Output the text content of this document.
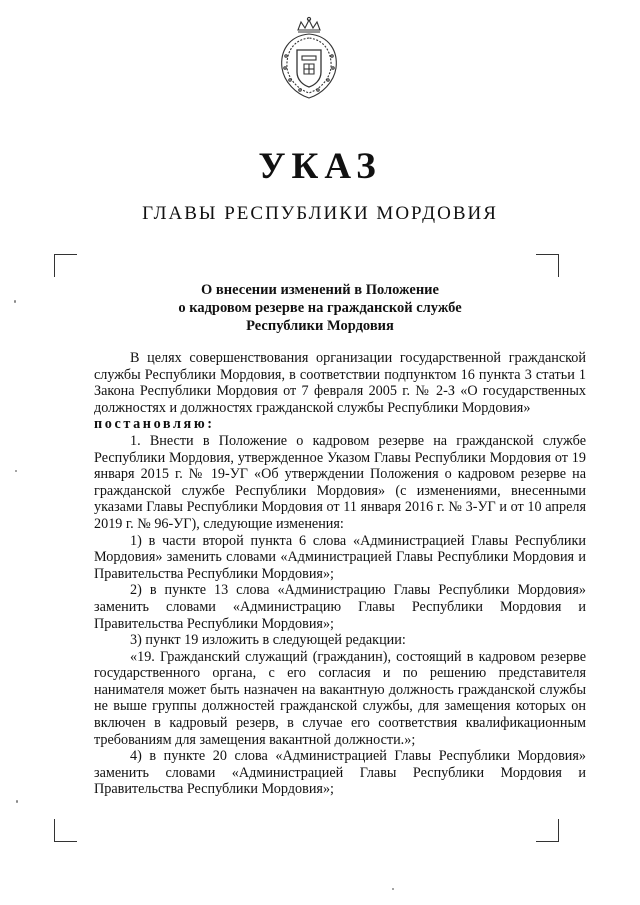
УКАЗ
ГЛАВЫ РЕСПУБЛИКИ МОРДОВИЯ
О внесении изменений в Положение
о кадровом резерве на гражданской службе
Республики Мордовия

В целях совершенствования организации государственной гражданской службы Республики Мордовия, в соответствии подпунктом 16 пункта 3 статьи 1 Закона Республики Мордовия от 7 февраля 2005 г. № 2-З «О государственных должностях и должностях гражданской службы Республики Мордовия»

постановляю:

1. Внести в Положение о кадровом резерве на гражданской службе Республики Мордовия, утвержденное Указом Главы Республики Мордовия от 19 января 2015 г. № 19-УГ «Об утверждении Положения о кадровом резерве на гражданской службе Республики Мордовия» (с изменениями, внесенными указами Главы Республики Мордовия от 11 января 2016 г. № 3-УГ и от 10 апреля 2019 г. № 96-УГ), следующие изменения:

1) в части второй пункта 6 слова «Администрацией Главы Республики Мордовия» заменить словами «Администрацией Главы Республики Мордовия и Правительства Республики Мордовия»;

2) в пункте 13 слова «Администрацию Главы Республики Мордовия» заменить словами «Администрацию Главы Республики Мордовия и Правительства Республики Мордовия»;

3) пункт 19 изложить в следующей редакции:

«19. Гражданский служащий (гражданин), состоящий в кадровом резерве государственного органа, с его согласия и по решению представителя нанимателя может быть назначен на вакантную должность гражданской службы не выше группы должностей гражданской службы, для замещения которых он включен в кадровый резерв, в случае его соответствия квалификационным требованиям для замещения вакантной должности.»;

4) в пункте 20 слова «Администрацией Главы Республики Мордовия» заменить словами «Администрацией Главы Республики Мордовия и Правительства Республики Мордовия»;
